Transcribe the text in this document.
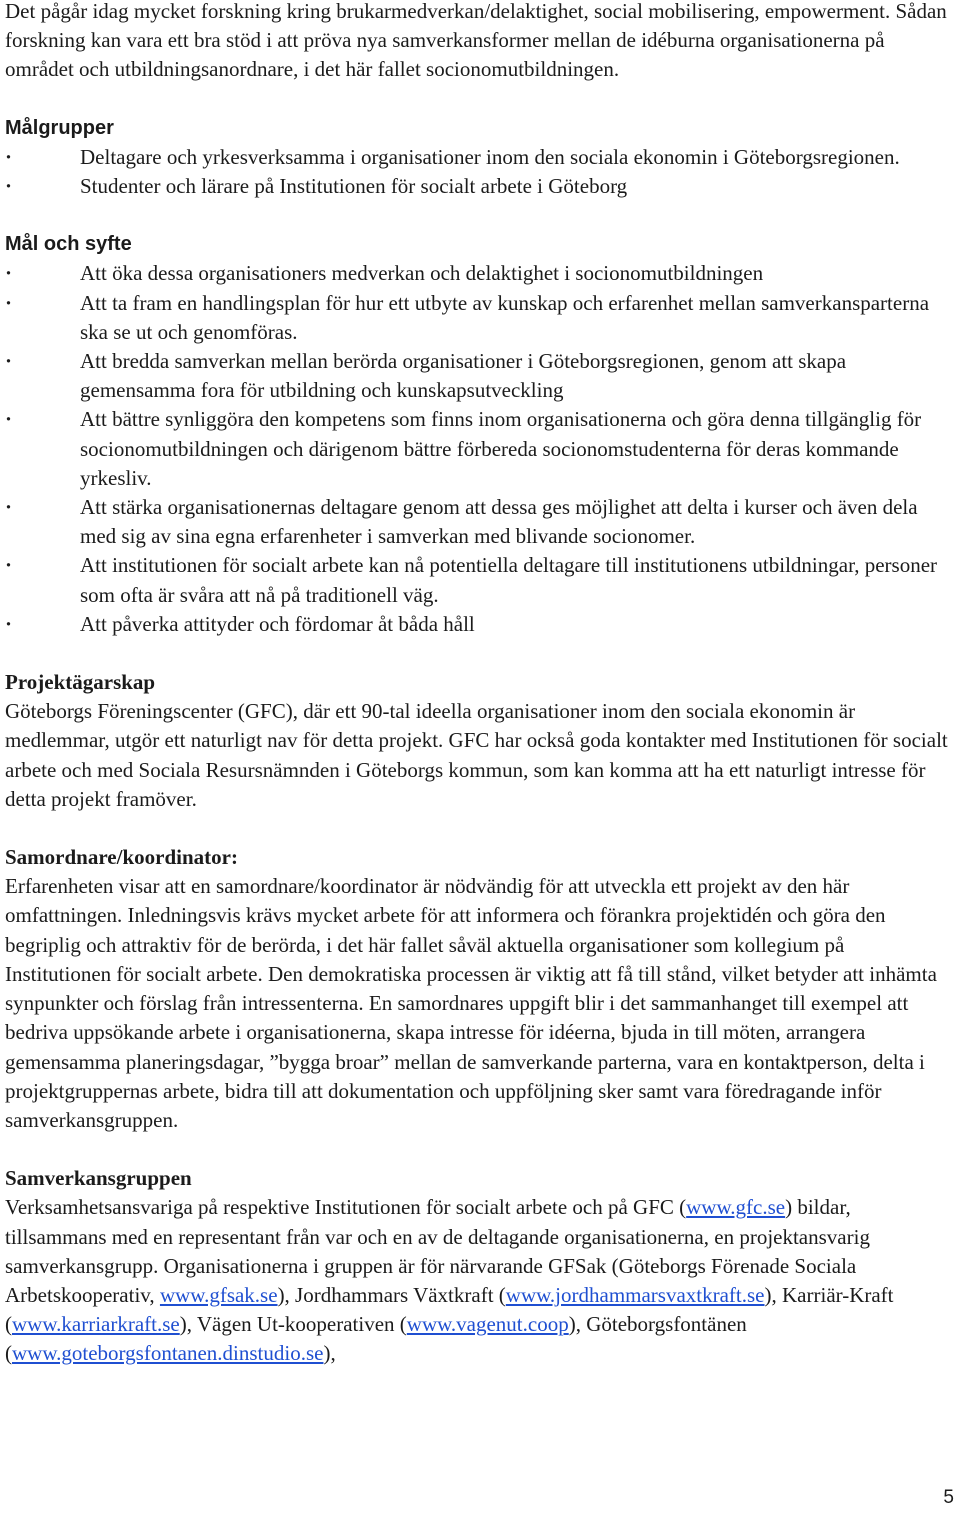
Det pågår idag mycket forskning kring brukarmedverkan/delaktighet, social mobilisering, empowerment. Sådan forskning kan vara ett bra stöd i att pröva nya samverkansformer mellan de idéburna organisationerna på området och utbildningsanordnare, i det här fallet socionomutbildningen.

Målgrupper

·
Deltagare och yrkesverksamma i organisationer inom den sociala ekonomin i Göteborgsregionen.
·
Studenter och lärare på Institutionen för socialt arbete i Göteborg

Mål och syfte

·
Att öka dessa organisationers medverkan och delaktighet i socionomutbildningen
·
Att ta fram en handlingsplan för hur ett utbyte av kunskap och erfarenhet mellan samverkansparterna ska se ut och genomföras.
·
Att bredda samverkan mellan berörda organisationer i Göteborgsregionen, genom att skapa gemensamma fora för utbildning och kunskapsutveckling
·
Att bättre synliggöra den kompetens som finns inom organisationerna och göra denna tillgänglig för socionomutbildningen och därigenom bättre förbereda socionomstudenterna för deras kommande yrkesliv.
·
Att stärka organisationernas deltagare genom att dessa ges möjlighet att delta i kurser och även dela med sig av sina egna erfarenheter i samverkan med blivande socionomer.
·
Att institutionen för socialt arbete kan nå potentiella deltagare till institutionens utbildningar, personer som ofta är svåra att nå på traditionell väg.
·
Att påverka attityder och fördomar åt båda håll

Projektägarskap

Göteborgs Föreningscenter (GFC), där ett 90-tal ideella organisationer inom den sociala ekonomin är medlemmar, utgör ett naturligt nav för detta projekt. GFC har också goda kontakter med Institutionen för socialt arbete och med Sociala Resursnämnden i Göteborgs kommun, som kan komma att ha ett naturligt intresse för detta projekt framöver.

Samordnare/koordinator:

Erfarenheten visar att en samordnare/koordinator är nödvändig för att utveckla ett projekt av den här omfattningen. Inledningsvis krävs mycket arbete för att informera och förankra projektidén och göra den begriplig och attraktiv för de berörda, i det här fallet såväl aktuella organisationer som kollegium på Institutionen för socialt arbete. Den demokratiska processen är viktig att få till stånd, vilket betyder att inhämta synpunkter och förslag från intressenterna. En samordnares uppgift blir i det sammanhanget till exempel att bedriva uppsökande arbete i organisationerna, skapa intresse för idéerna, bjuda in till möten, arrangera gemensamma planeringsdagar, ”bygga broar” mellan de samverkande parterna, vara en kontaktperson, delta i projektgruppernas arbete, bidra till att dokumentation och uppföljning sker samt vara föredragande inför samverkansgruppen.

Samverkansgruppen

Verksamhetsansvariga på respektive Institutionen för socialt arbete och på GFC (www.gfc.se) bildar, tillsammans med en representant från var och en av de deltagande organisationerna, en projektansvarig samverkansgrupp. Organisationerna i gruppen är för närvarande GFSak (Göteborgs Förenade Sociala Arbetskooperativ, www.gfsak.se), Jordhammars Växtkraft (www.jordhammarsvaxtkraft.se), Karriär-Kraft (www.karriarkraft.se), Vägen Ut-kooperativen (www.vagenut.coop), Göteborgsfontänen (www.goteborgsfontanen.dinstudio.se),

5
